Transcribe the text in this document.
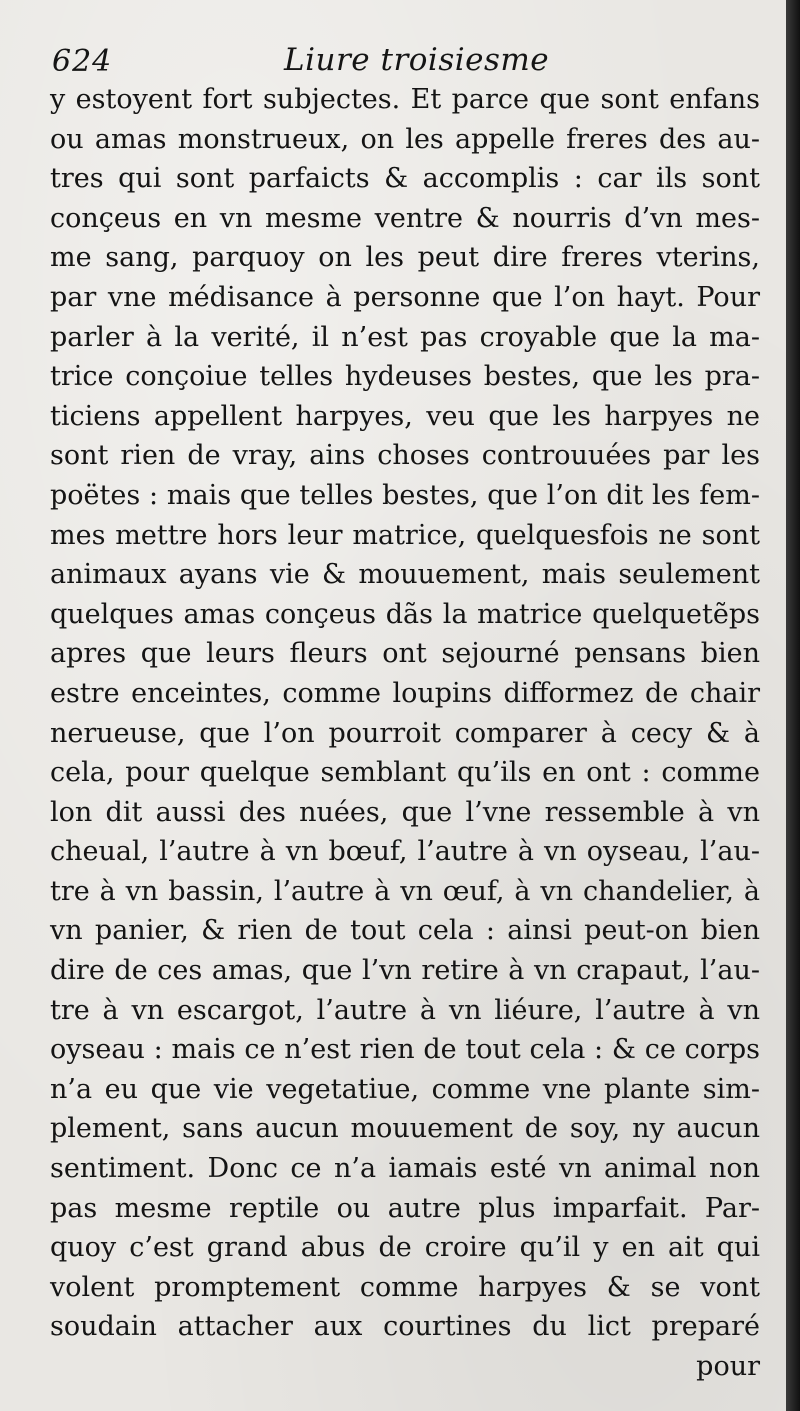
624	Liure troisiesme
y estoyent fort subjectes. Et parce que sont enfans
ou amas monstrueux, on les appelle freres des au-
tres qui sont parfaicts & accomplis : car ils sont
conçeus en vn mesme ventre & nourris d’vn mes-
me sang, parquoy on les peut dire freres vterins,
par vne médisance à personne que l’on hayt. Pour
parler à la verité, il n’est pas croyable que la ma-
trice conçoiue telles hydeuses bestes, que les pra-
ticiens appellent harpyes, veu que les harpyes ne
sont rien de vray, ains choses controuuées par les
poëtes : mais que telles bestes, que l’on dit les fem-
mes mettre hors leur matrice, quelquesfois ne sont
animaux ayans vie & mouuement, mais seulement
quelques amas conçeus dãs la matrice quelquetẽps
apres que leurs fleurs ont sejourné pensans bien
estre enceintes, comme loupins difformez de chair
nerueuse, que l’on pourroit comparer à cecy & à
cela, pour quelque semblant qu’ils en ont : comme
lon dit aussi des nuées, que l’vne ressemble à vn
cheual, l’autre à vn bœuf, l’autre à vn oyseau, l’au-
tre à vn bassin, l’autre à vn œuf, à vn chandelier, à
vn panier, & rien de tout cela : ainsi peut-on bien
dire de ces amas, que l’vn retire à vn crapaut, l’au-
tre à vn escargot, l’autre à vn liéure, l’autre à vn
oyseau : mais ce n’est rien de tout cela : & ce corps
n’a eu que vie vegetatiue, comme vne plante sim-
plement, sans aucun mouuement de soy, ny aucun
sentiment. Donc ce n’a iamais esté vn animal non
pas mesme reptile ou autre plus imparfait. Par-
quoy c’est grand abus de croire qu’il y en ait qui
volent promptement comme harpyes & se vont
soudain attacher aux courtines du lict preparé
pour
